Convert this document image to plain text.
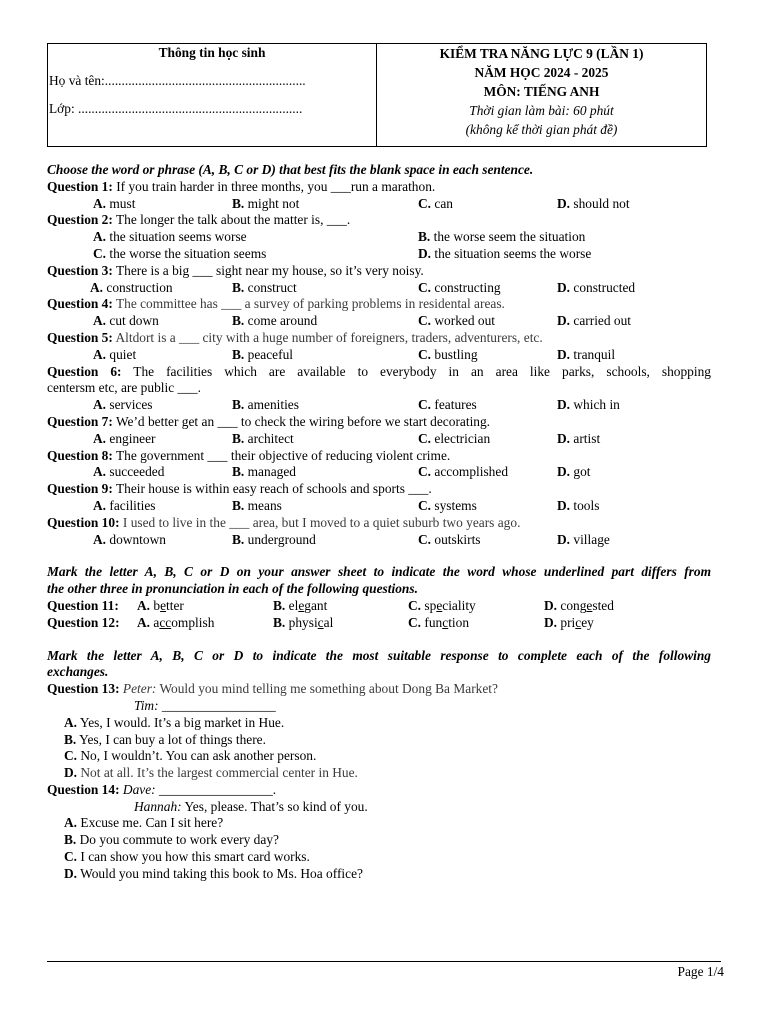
Thông tin học sinh
Họ và tên:............................................................
Lớp: ...................................................................
KIỂM TRA NĂNG LỰC 9 (LẦN 1)
NĂM HỌC 2024 - 2025
MÔN: TIẾNG ANH
Thời gian làm bài: 60 phút
(không kể thời gian phát đề)
Choose the word or phrase (A, B, C or D) that best fits the blank space in each sentence.
Question 1: If you train harder in three months, you ___run a marathon.
A. must	B. might not	C. can	D. should not
Question 2: The longer the talk about the matter is, ___.
A. the situation seems worse	B. the worse seem the situation
C. the worse the situation seems	D. the situation seems the worse
Question 3: There is a big ___ sight near my house, so it’s very noisy.
A. construction	B. construct	C. constructing	D. constructed
Question 4: The committee has ___ a survey of parking problems in residental areas.
A. cut down	B. come around	C. worked out	D. carried out
Question 5: Altdort is a ___ city with a huge number of foreigners, traders, adventurers, etc.
A. quiet	B. peaceful	C. bustling	D. tranquil
Question 6: The facilities which are available to everybody in an area like parks, schools, shopping
centersm etc, are public ___.
A. services	B. amenities	C. features	D. which in
Question 7: We’d better get an ___ to check the wiring before we start decorating.
A. engineer	B. architect	C. electrician	D. artist
Question 8: The government ___ their objective of reducing violent crime.
A. succeeded	B. managed	C. accomplished	D. got
Question 9: Their house is within easy reach of schools and sports ___.
A. facilities	B. means	C. systems	D. tools
Question 10: I used to live in the ___ area, but I moved to a quiet suburb two years ago.
A. downtown	B. underground	C. outskirts	D. village
Mark the letter A, B, C or D on your answer sheet to indicate the word whose underlined part differs from
the other three in pronunciation in each of the following questions.
Question 11: A. better	B. elegant	C. speciality	D. congested
Question 12: A. accomplish	B. physical	C. function	D. pricey
Mark the letter A, B, C or D to indicate the most suitable response to complete each of the following
exchanges.
Question 13: Peter: Would you mind telling me something about Dong Ba Market?
Tim: _________________
A. Yes, I would. It’s a big market in Hue.
B. Yes, I can buy a lot of things there.
C. No, I wouldn’t. You can ask another person.
D. Not at all. It’s the largest commercial center in Hue.
Question 14: Dave: _________________.
Hannah: Yes, please. That’s so kind of you.
A. Excuse me. Can I sit here?
B. Do you commute to work every day?
C. I can show you how this smart card works.
D. Would you mind taking this book to Ms. Hoa office?
Page 1/4
